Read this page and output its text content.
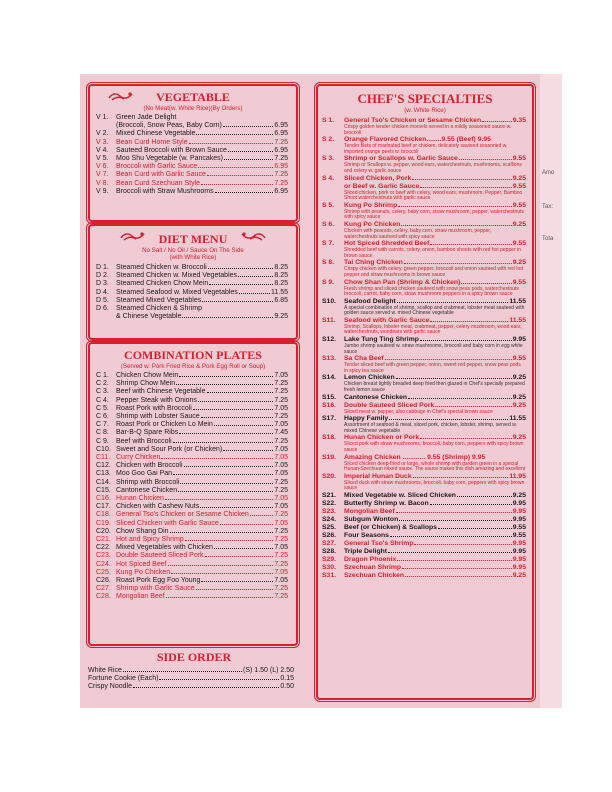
VEGETABLE

(No Meat(w. White Rice)(By Orders)

V 1.	Green Jade Delight
(Broccoli, Snow Peas, Baby Corn)	6.95
V 2.	Mixed Chinese Vegetable	6.95
V 3.	Bean Curd Home Style	7.25
V 4.	Sauteed Broccoli with Brown Sauce	6.95
V 5.	Moo Shu Vegetable (w. Pancakes)	7.25
V 6.	Broccoli with Garlic Sauce	6.95
V 7.	Bean Curd with Garlic Sauce	7.25
V 8.	Bean Curd Szechuan Style	7.25
V 9.	Broccoli with Straw Mushrooms	6.95
DIET MENU

No Salt / No Oil / Sauce On The Side

(with White Rice)

D 1.	Steamed Chicken w. Broccoli	8.25
D 2.	Steamed Chicken w. Mixed Vegetables	8.25
D 3.	Steamed Chicken Chow Mein	8.25
D 4.	Steamed Seafood w. Mixed Vegetables	11.55
D 5.	Steamed Mixed Vegetables	6.85
D 6.	Steamed Chicken & Shrimp
& Chinese Vegetable	9.25
COMBINATION PLATES

(Served w. Pork Fried Rice & Pork Egg Roll or Soup)

C 1.	Chicken Chow Mein	7.05
C 2.	Shrimp Chow Mein	7.25
C 3.	Beef with Chinese Vegetable	7.25
C 4.	Pepper Steak with Onions	7.25
C 5.	Roast Pork with Broccoli	7.05
C 6.	Shrimp with Lobster Sauce	7.25
C 7.	Roast Pork or Chicken Lo Mein	7.05
C 8.	Bar-B-Q Spare Ribs	7.45
C 9.	Beef with Broccoli	7.25
C10. Sweet and Sour Pork (or Chicken)	7.05
C11. Curry Chicken	7.05
C12. Chicken with Broccoli	7.05
C13. Moo Goo Gai Pan	7.05
C14. Shrimp with Broccoli	7.25
C15. Cantonese Chicken	7.25
C16. Hunan Chicken	7.05
C17. Chicken with Cashew Nuts	7.05
C18. General Tso's Chicken or Sesame Chicken	7.25
C19. Sliced Chicken with Garlic Sauce	7.05
C20. Chow Shang Din	7.25
C21. Hot and Spicy Shrimp	7.25
C22. Mixed Vegetables with Chicken	7.05
C23. Double Sauteed Sliced Pork	7.25
C24. Hot Spiced Beef	7.25
C25. Kung Po Chicken	7.05
C26. Roast Pork Egg Foo Young	7.05
C27. Shrimp with Garlic Sauce	7.25
C28. Mongolian Beef	7.25
SIDE ORDER
White Rice	(S) 1.50 (L) 2.50
Fortune Cookie (Each)	0.15
Crispy Noodle	0.50
CHEF'S SPECIALTIES

(w. White Rice)

S 1.	General Tso's Chicken or Sesame Chicken	9.35
Crispy golden tender chicken morsels served in a mildly seasoned sauce w. broccoli
S 2.	Orange Flavored Chicken........9.55 (Beef) 9.95
Tender filets of marinated beef or chicken, delicately sauteed seasoned w. imported orange peels w. broccoli
S 3.	Shrimp or Scallops w. Garlic Sauce	9.55
Shrimp or Scallops w. pepper, wood ears, waterchestnuts, mushrooms, scallions and celery w. garlic sauce
S 4.	Sliced Chicken, Pork	9.25
or Beef w. Garlic Sauce	9.55
Sliced chicken, pork or beef with celery, wood ears, mushroom, Pepper, Bamboo Shoot waterchestnuts with garlic sauce
S 5.	Kung Po Shrimp	9.55
Shrimp with peanuts, celery, baby corn, straw mushroom, pepper, waterchestnuts with spicy sauce
S 6.	Kung Po Chicken	9.25
Chicken with peanuts, celery, baby corn, straw mushroom, pepper, waterchestnuts sauteed with spicy sauce
S 7.	Hot Spiced Shredded Beef	9.55
Shredded beef with carrots, celery, onion, bamboo shoots with red hot pepper in brown sauce
S 8.	Tai Ching Chicken	9.25
Crispy chicken with celery, green pepper, broccoli and onion sauteed with red hot pepper and straw mushrooms in brown sauce
S 9.	Chow Shan Pan (Shrimp & Chicken)	9.55
Fresh shrimp and sliced chicken sauteed with snow peas pods, waterchestnuts broccoli, carrot, baby corn, straw mushroom peppers in a spicy brown sauce
S10.	Seafood Delight	11.55
A special combination of shrimp, scallop and crabmeat, lobster meat sauteed with golden sauce served w. mixed Chinese vegetable
S11.	Seafood with Garlic Sauce	11.55
Shrimp, Scallops, lobster meat, crabmeat, pepper, celery mushroom, wood ears, waterchestnuts, woodears with garlic sauce
S12.	Lake Tung Ting Shrimp	9.95
Jumbo shrimp sauteed w. straw mushrooms, broccoli and baby corn in egg white sauce
S13.	Sa Cha Beef	9.55
Tender sliced beef with green pepper, onion, sweet red pepper, snow peas pods in spicy tea sauce
S14.	Lemon Chicken	9.25
Chicken breast lightly breaded deep fried then glazed in Chef's specially prepared fresh lemon sauce
S15.	Cantonese Chicken	9.25
S16.	Double Sauteed Sliced Pork	9.25
Sliced meat w. pepper, also cabbage in Chef's special brown sauce
S17.	Happy Family	11.55
Assortment of seafood & meat, sliced pork, chicken, lobster, shrimp, served w. mixed Chinese vegetable
S18.	Hunan Chicken or Pork	9.25
Sliced pork with straw mushrooms, broccoli, baby corn, peppers with spicy brown sauce
S19.	Amazing Chicken ............ 9.55 (Shrimp) 9.95
Sliced chicken deep-fried or large, whole shrimp with garden green in a special Hunan-Szechuan mixed sauce. The sauce makes this dish amazing and excellent
S20.	Imperial Hunan Duck	11.95
Sliced duck with straw mushrooms, broccoli, baby corn, peppers with spicy brown sauce
S21.	Mixed Vegetable w. Sliced Chicken	9.25
S22.	Butterfly Shrimp w. Bacon	9.95
S23.	Mongolian Beef	9.95
S24.	Subgum Wonton	9.95
S25.	Beef (or Chicken) & Scallops	9.55
S26.	Four Seasons	9.55
S27.	General Tso's Shrimp	9.95
S28.	Triple Delight	9.95
S29.	Dragon Phoenix	9.95
S30.	Szechuan Shrimp	9.95
S31.	Szechuan Chicken	9.25
Amo
Tax:
Tota
